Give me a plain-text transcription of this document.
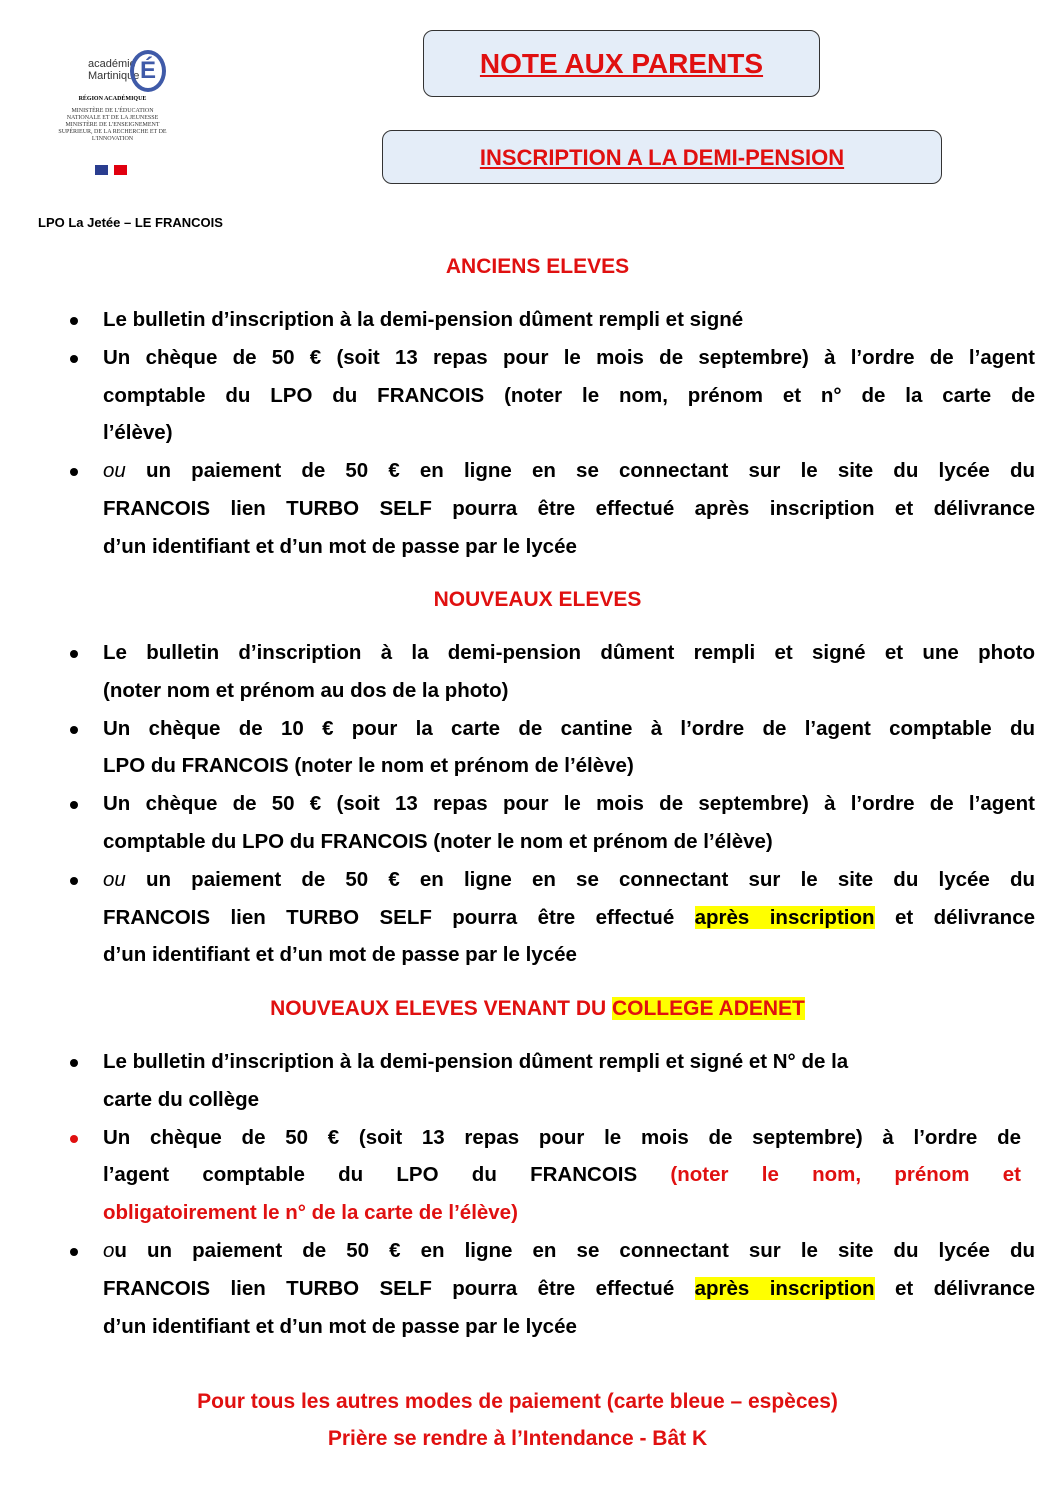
académie
Martinique É
RÉGION ACADÉMIQUE
MINISTÈRE DE L'ÉDUCATION NATIONALE ET DE LA JEUNESSE
MINISTÈRE DE L'ENSEIGNEMENT SUPÉRIEUR, DE LA RECHERCHE ET DE L'INNOVATION
LPO La Jetée – LE FRANCOIS
NOTE AUX PARENTS
INSCRIPTION A LA DEMI-PENSION
ANCIENS ELEVES
Le bulletin d’inscription à la demi-pension dûment rempli et signé
Un chèque de 50 € (soit 13 repas pour le mois de septembre) à l’ordre de l’agent
comptable du LPO du FRANCOIS (noter le nom, prénom et n° de la carte de
l’élève)
ou un paiement de 50 € en ligne en se connectant sur le site du lycée du
FRANCOIS lien TURBO SELF pourra être effectué après inscription et délivrance
d’un identifiant et d’un mot de passe par le lycée
NOUVEAUX ELEVES
Le bulletin d’inscription à la demi-pension dûment rempli et signé et une photo
(noter nom et prénom au dos de la photo)
Un chèque de 10 € pour la carte de cantine à l’ordre de l’agent comptable du
LPO du FRANCOIS (noter le nom et prénom de l’élève)
Un chèque de 50 € (soit 13 repas pour le mois de septembre) à l’ordre de l’agent
comptable du LPO du FRANCOIS (noter le nom et prénom de l’élève)
ou un paiement de 50 € en ligne en se connectant sur le site du lycée du
FRANCOIS lien TURBO SELF pourra être effectué après inscription et délivrance
d’un identifiant et d’un mot de passe par le lycée
NOUVEAUX ELEVES VENANT DU COLLEGE ADENET
Le bulletin d’inscription à la demi-pension dûment rempli et signé et N° de la
carte du collège
Un chèque de 50 € (soit 13 repas pour le mois de septembre) à l’ordre de
l’agent comptable du LPO du FRANCOIS (noter le nom, prénom et
obligatoirement le n° de la carte de l’élève)
ou un paiement de 50 € en ligne en se connectant sur le site du lycée du
FRANCOIS lien TURBO SELF pourra être effectué après inscription et délivrance
d’un identifiant et d’un mot de passe par le lycée
Pour tous les autres modes de paiement (carte bleue – espèces)
Prière se rendre à l’Intendance - Bât K
